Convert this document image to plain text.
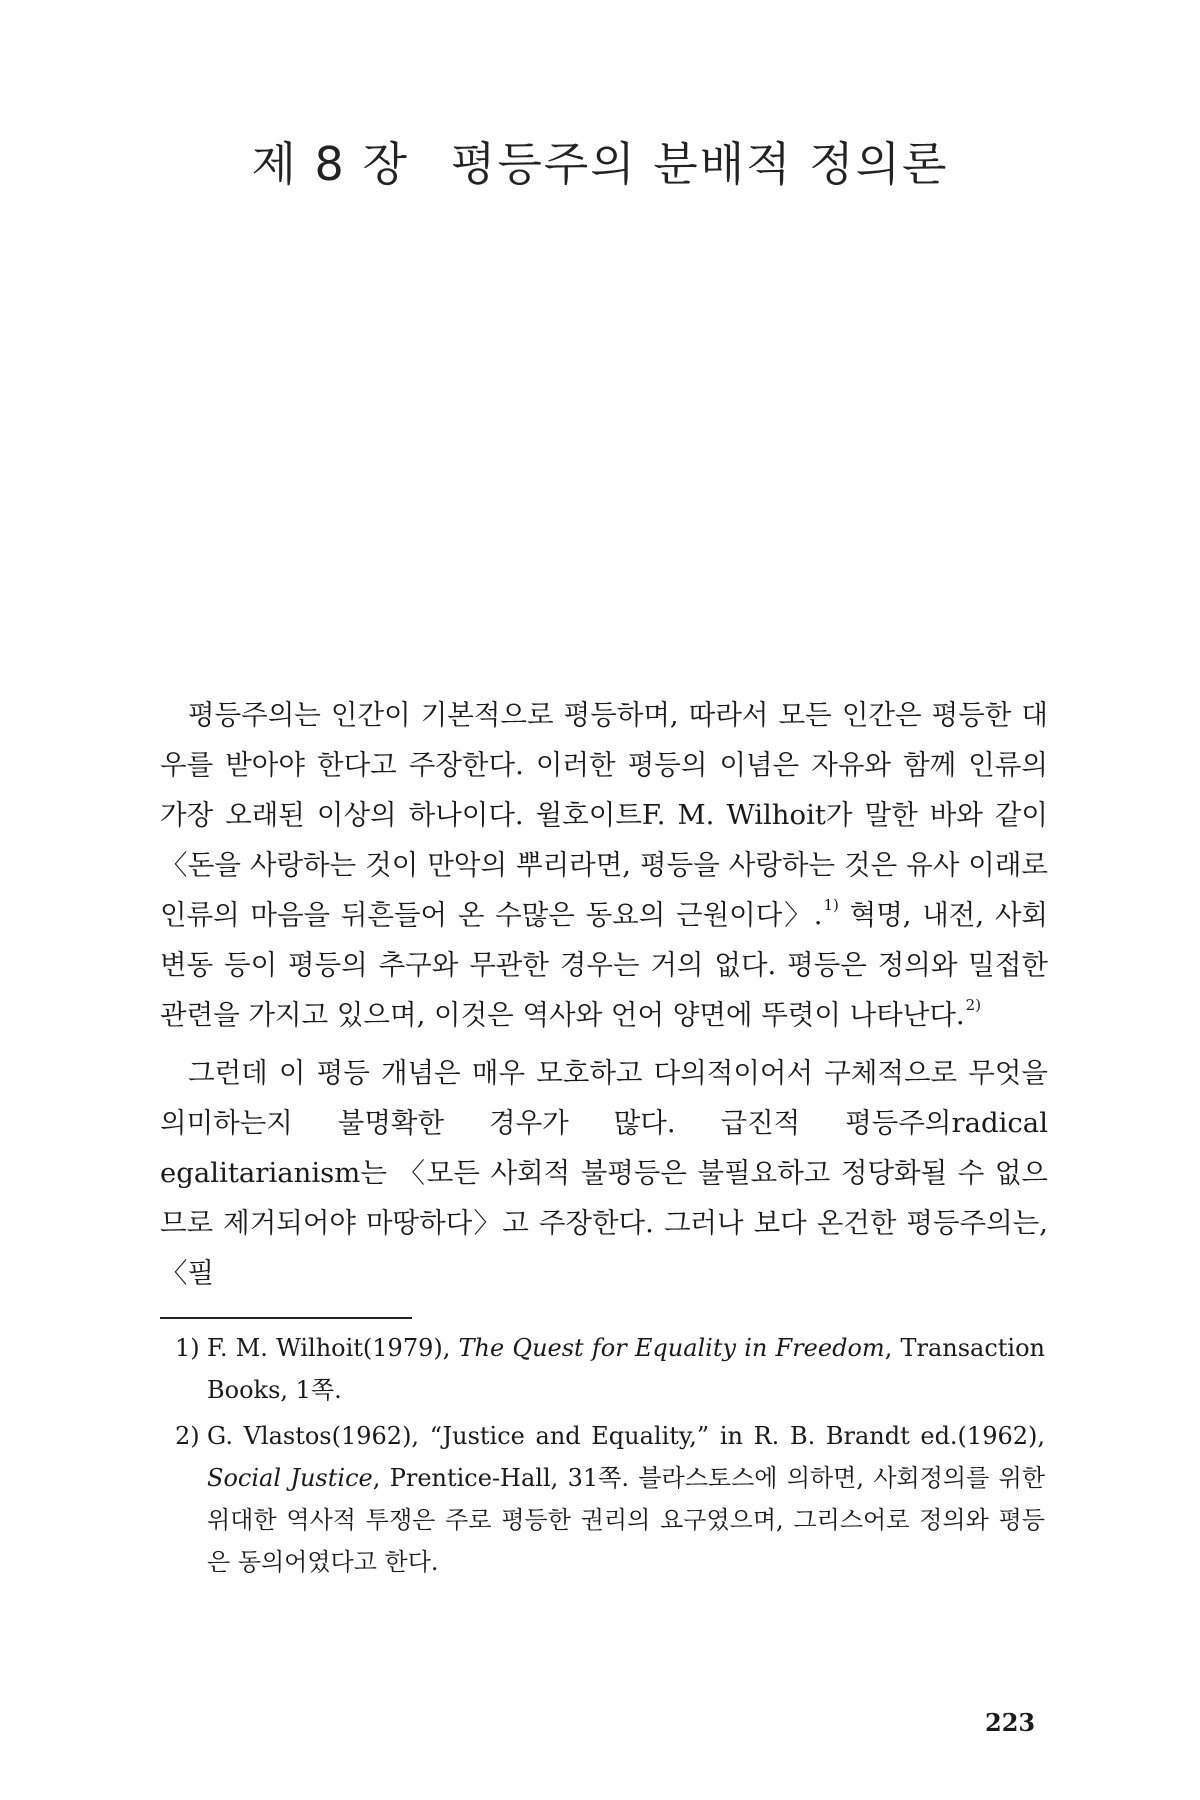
제 8 장 평등주의 분배적 정의론

평등주의는 인간이 기본적으로 평등하며, 따라서 모든 인간은 평등한 대우를 받아야 한다고 주장한다. 이러한 평등의 이념은 자유와 함께 인류의 가장 오래된 이상의 하나이다. 윌호이트F. M. Wilhoit가 말한 바와 같이 〈돈을 사랑하는 것이 만악의 뿌리라면, 평등을 사랑하는 것은 유사 이래로 인류의 마음을 뒤흔들어 온 수많은 동요의 근원이다〉.$^{1)}$ 혁명, 내전, 사회변동 등이 평등의 추구와 무관한 경우는 거의 없다. 평등은 정의와 밀접한 관련을 가지고 있으며, 이것은 역사와 언어 양면에 뚜렷이 나타난다.$^{2)}$

그런데 이 평등 개념은 매우 모호하고 다의적이어서 구체적으로 무엇을 의미하는지 불명확한 경우가 많다. 급진적 평등주의radical egalitarianism는 〈모든 사회적 불평등은 불필요하고 정당화될 수 없으므로 제거되어야 마땅하다〉고 주장한다. 그러나 보다 온건한 평등주의는, 〈필

1) F. M. Wilhoit(1979), The Quest for Equality in Freedom, Transaction Books, 1쪽.
2) G. Vlastos(1962), “Justice and Equality,” in R. B. Brandt ed.(1962), Social Justice, Prentice-Hall, 31쪽. 블라스토스에 의하면, 사회정의를 위한 위대한 역사적 투쟁은 주로 평등한 권리의 요구였으며, 그리스어로 정의와 평등은 동의어였다고 한다.
223
